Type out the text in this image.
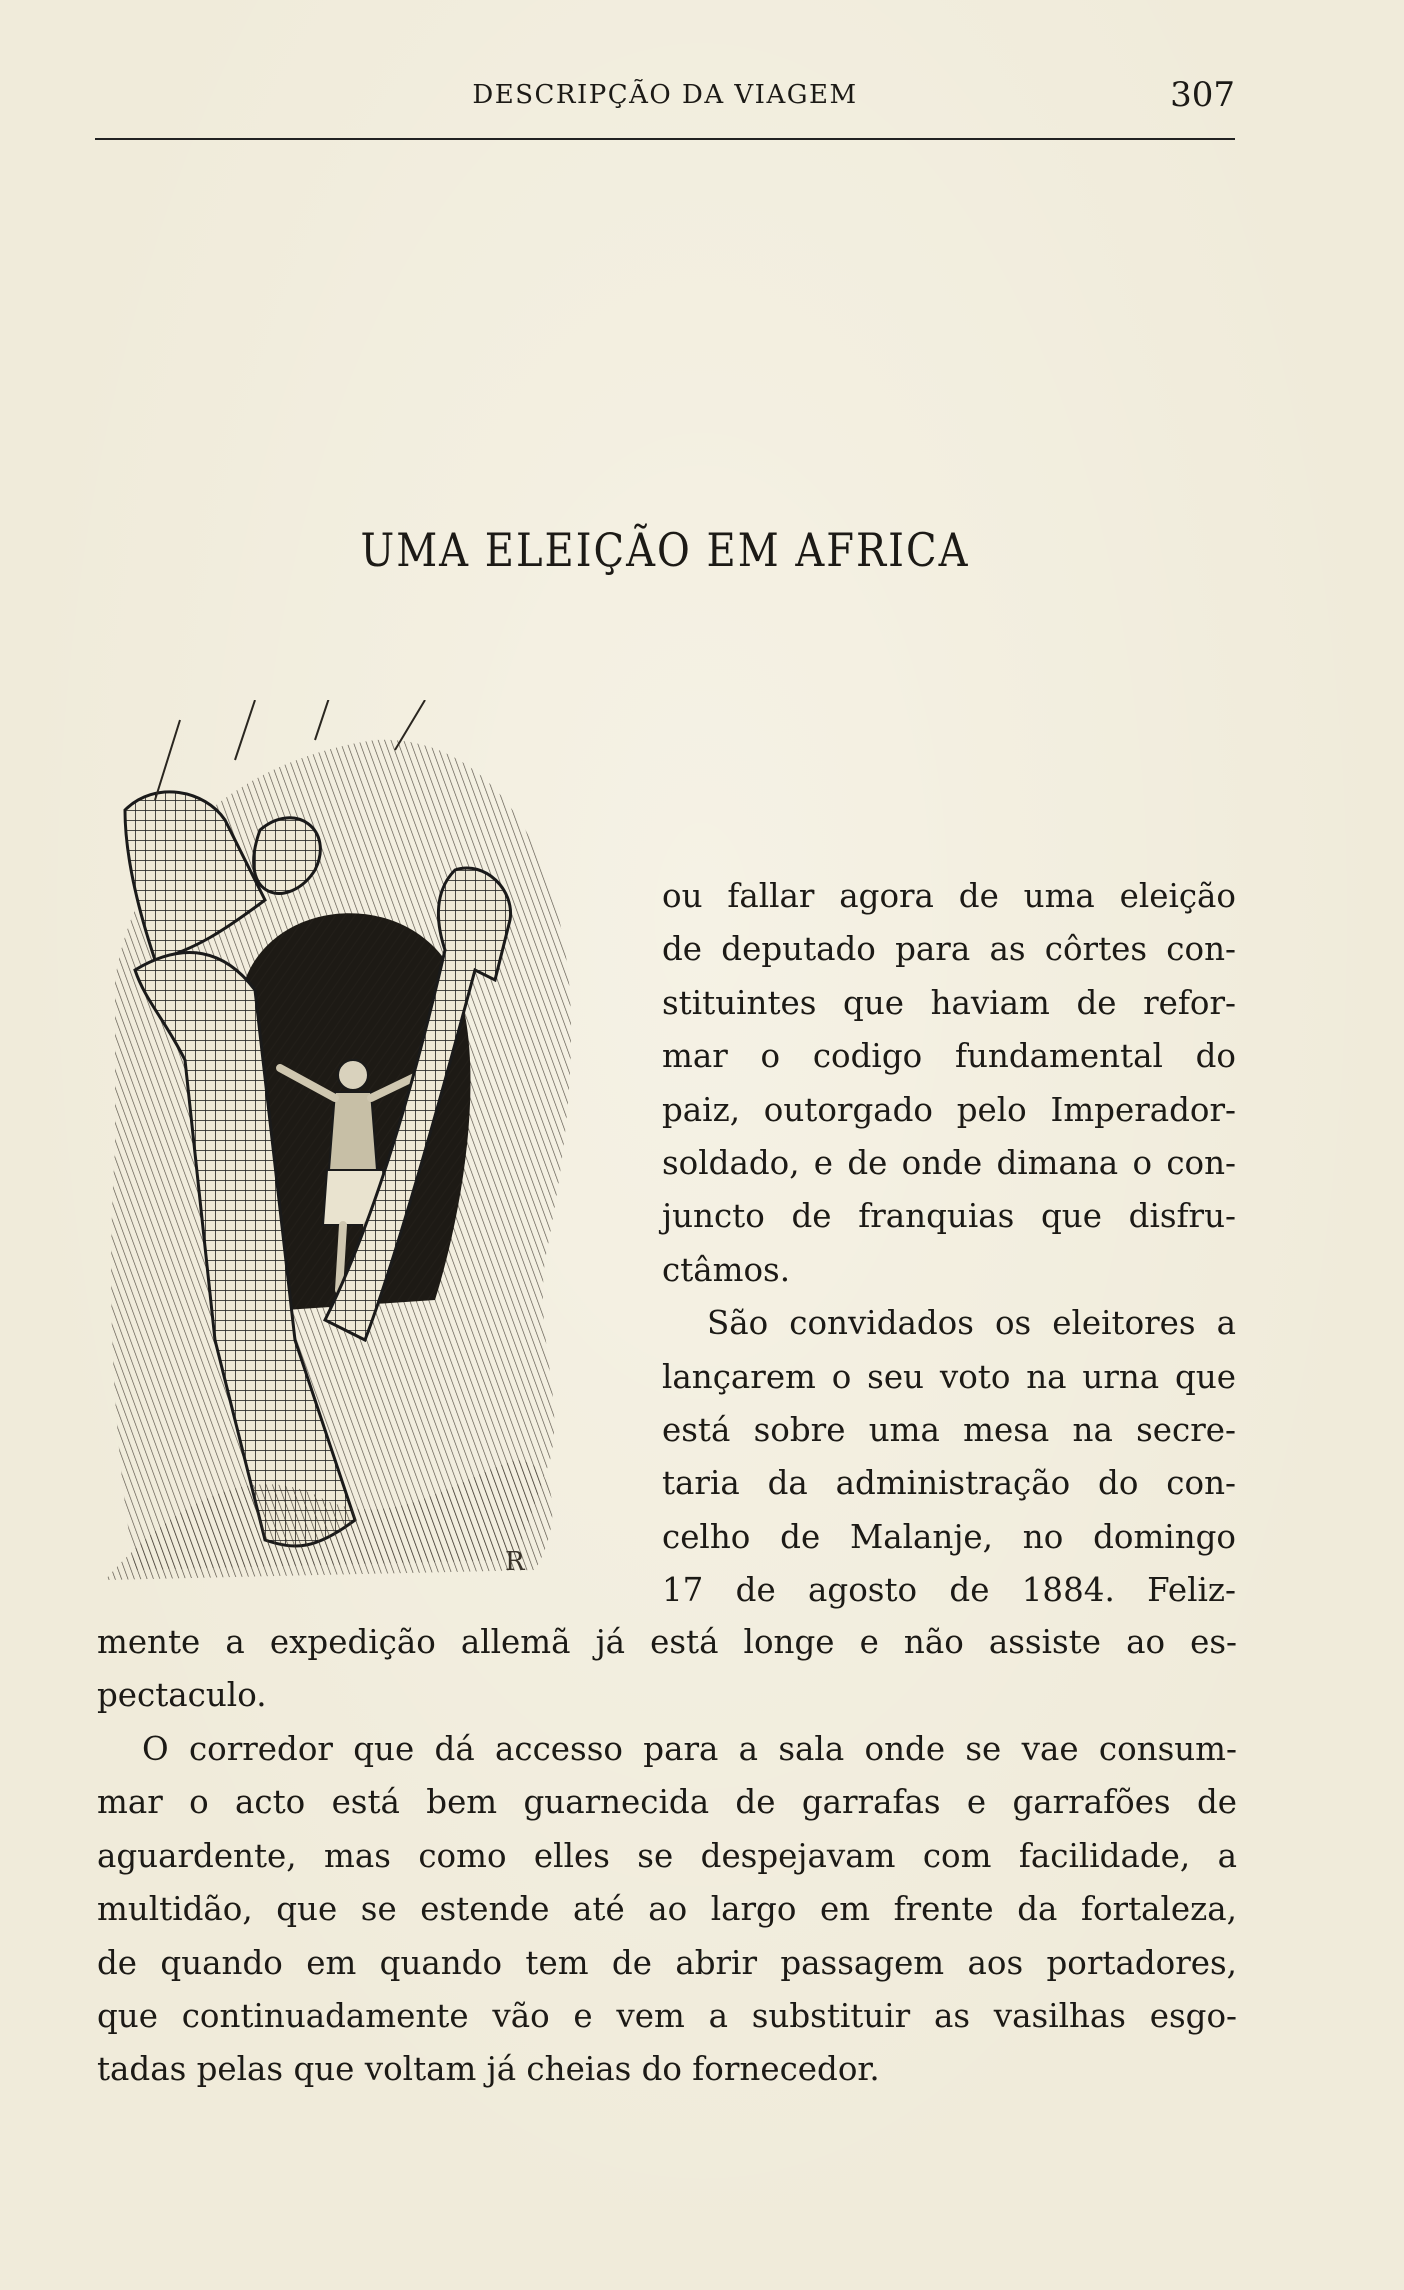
DESCRIPÇÃO DA VIAGEM	307
UMA ELEIÇÃO EM AFRICA
R

ou fallar agora de uma eleição

de deputado para as côrtes con-

stituintes que haviam de refor-

mar o codigo fundamental do

paiz, outorgado pelo Imperador-

soldado, e de onde dimana o con-

juncto de franquias que disfru-

ctâmos.

São convidados os eleitores a

lançarem o seu voto na urna que

está sobre uma mesa na secre-

taria da administração do con-

celho de Malanje, no domingo

17 de agosto de 1884. Feliz-

mente a expedição allemã já está longe e não assiste ao es-

pectaculo.

O corredor que dá accesso para a sala onde se vae consum-

mar o acto está bem guarnecida de garrafas e garrafões de

aguardente, mas como elles se despejavam com facilidade, a

multidão, que se estende até ao largo em frente da fortaleza,

de quando em quando tem de abrir passagem aos portadores,

que continuadamente vão e vem a substituir as vasilhas esgo-

tadas pelas que voltam já cheias do fornecedor.
